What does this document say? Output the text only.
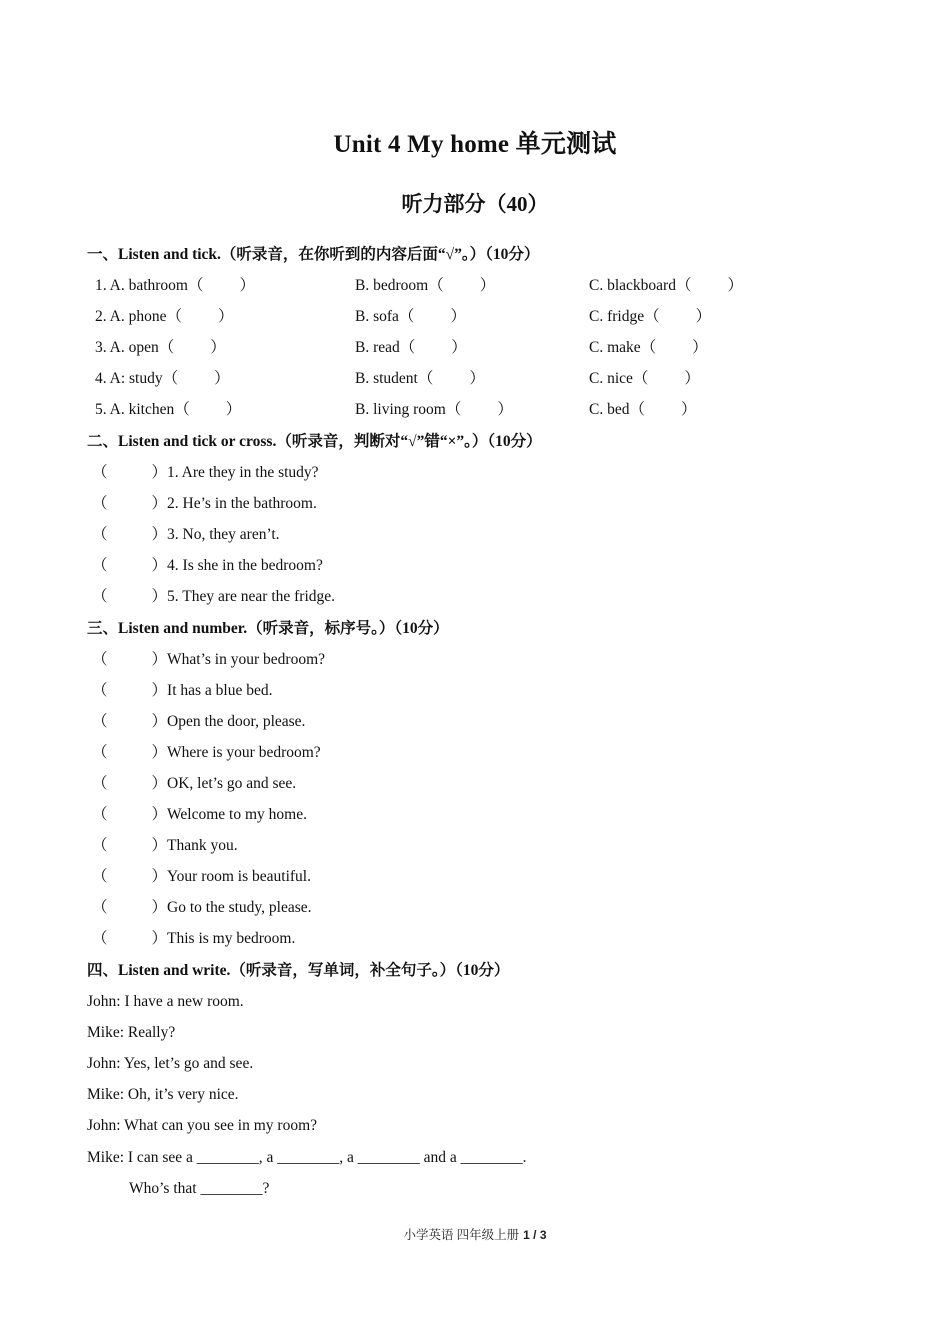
Unit 4 My home 单元测试
听力部分（40）
一、Listen and tick.（听录音，在你听到的内容后面“√”。）（10分）
1. A. bathroom（ ）	B. bedroom（ ）	C. blackboard（ ）
2. A. phone（ ）	B. sofa（ ）	C. fridge（ ）
3. A. open（ ）	B. read（ ）	C. make（ ）
4. A: study（ ）	B. student（ ）	C. nice（ ）
5. A. kitchen（ ）	B. living room（ ）	C. bed（ ）
二、Listen and tick or cross.（听录音，判断对“√”错“×”。）（10分）
（	）1. Are they in the study?
（	）2. He’s in the bathroom.
（	）3. No, they aren’t.
（	）4. Is she in the bedroom?
（	）5. They are near the fridge.
三、Listen and number.（听录音，标序号。）（10分）
（	）What’s in your bedroom?
（	）It has a blue bed.
（	）Open the door, please.
（	）Where is your bedroom?
（	）OK, let’s go and see.
（	）Welcome to my home.
（	）Thank you.
（	）Your room is beautiful.
（	）Go to the study, please.
（	）This is my bedroom.
四、Listen and write.（听录音，写单词，补全句子。）（10分）
John: I have a new room.
Mike: Really?
John: Yes, let’s go and see.
Mike: Oh, it’s very nice.
John: What can you see in my room?
Mike: I can see a ________, a ________, a ________ and a ________.
Who’s that ________?
小学英语 四年级上册 1 / 3
